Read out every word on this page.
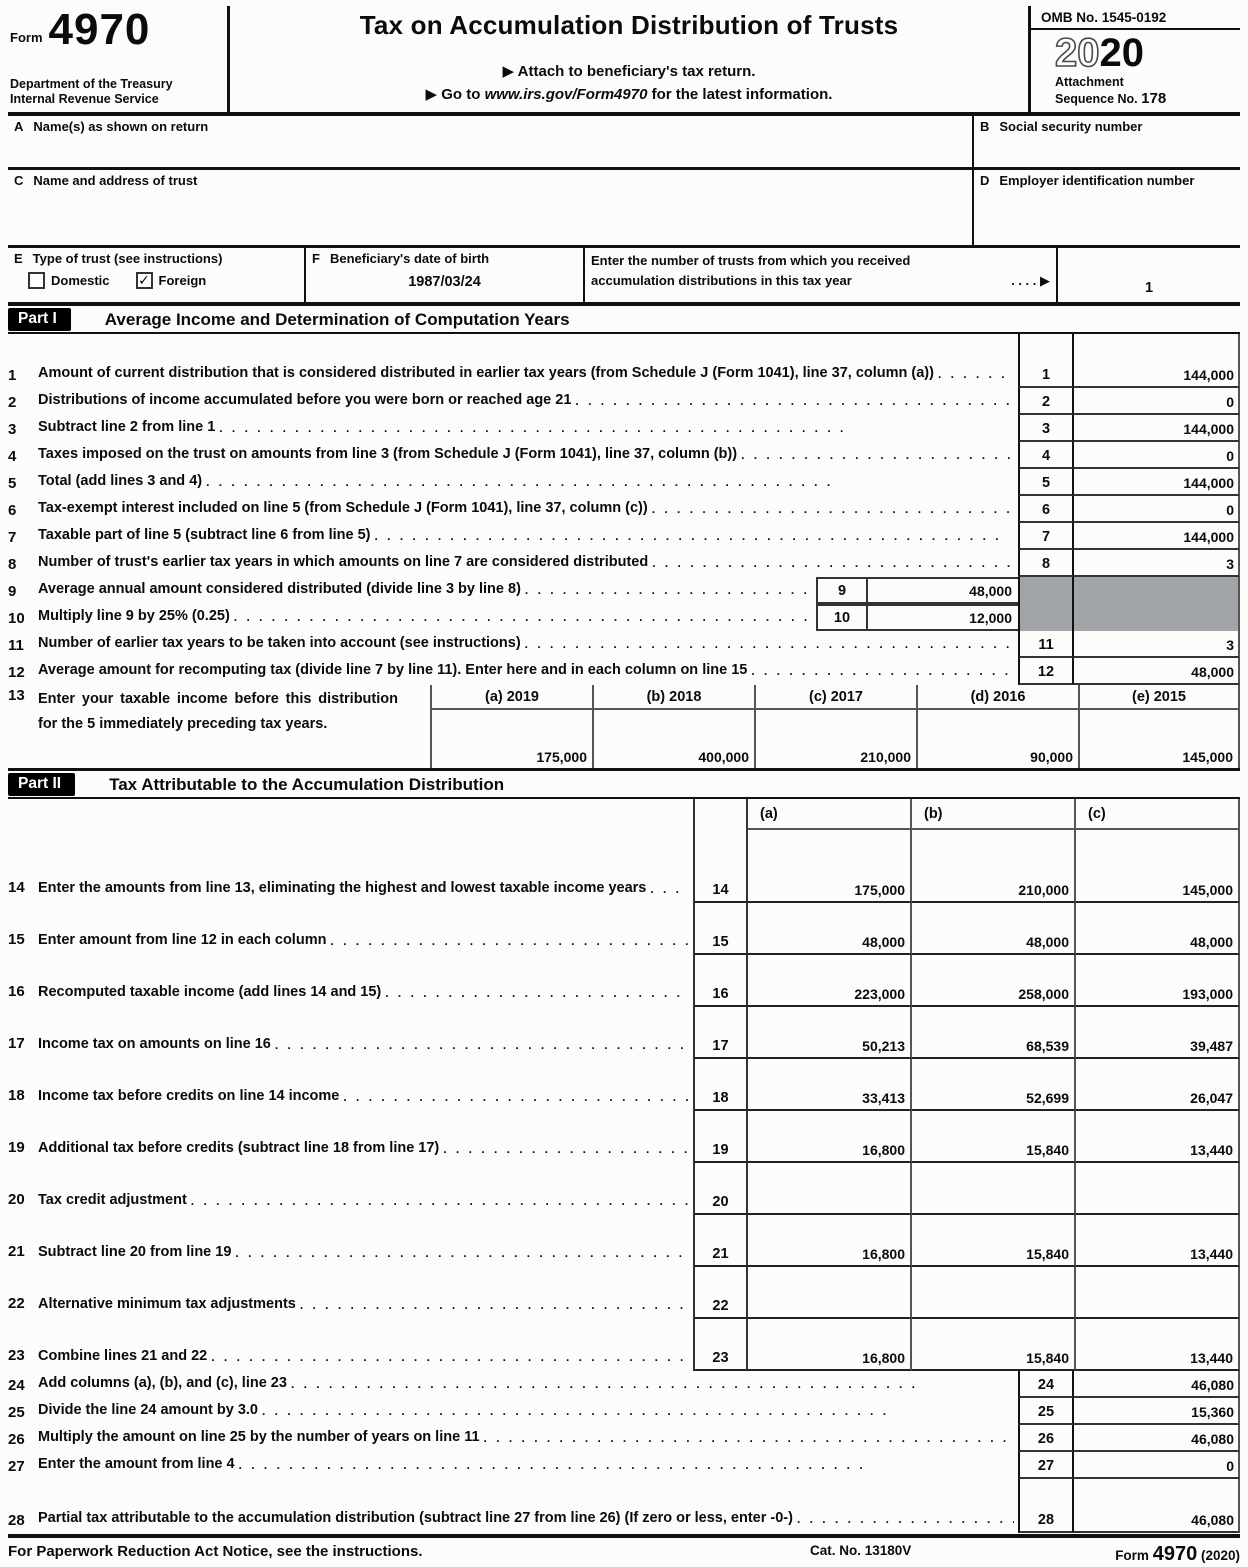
Form 4970
Department of the Treasury
Internal Revenue Service
Tax on Accumulation Distribution of Trusts
▶ Attach to beneficiary's tax return.
▶ Go to www.irs.gov/Form4970 for the latest information.
OMB No. 1545-0192
2020
Attachment
Sequence No. 178
A Name(s) as shown on return	B Social security number
C Name and address of trust	D Employer identification number
E Type of trust (see instructions)
Domestic ✓ Foreign
F Beneficiary's date of birth
1987/03/24
Enter the number of trusts from which you received
accumulation distributions in this tax year	. . . . ▶	1
Part I	Average Income and Determination of Computation Years
1	Amount of current distribution that is considered distributed in earlier tax years (from Schedule J (Form 1041), line 37, column (a)) . .	1	144,000
2	Distributions of income accumulated before you were born or reached age 21 . .	2	0
3	Subtract line 2 from line 1 . .	3	144,000
4	Taxes imposed on the trust on amounts from line 3 (from Schedule J (Form 1041), line 37, column (b)) . .	4	0
5	Total (add lines 3 and 4) . .	5	144,000
6	Tax-exempt interest included on line 5 (from Schedule J (Form 1041), line 37, column (c)) . .	6	0
7	Taxable part of line 5 (subtract line 6 from line 5) . .	7	144,000
8	Number of trust's earlier tax years in which amounts on line 7 are considered distributed . .	8	3
9	Average annual amount considered distributed (divide line 3 by line 8) . .	9	48,000
10 Multiply line 9 by 25% (0.25) . .	10	12,000
11 Number of earlier tax years to be taken into account (see instructions) . .	11	3
12 Average amount for recomputing tax (divide line 7 by line 11). Enter here and in each column on line 15 . .	12	48,000
13 Enter your taxable income before this distribution for the 5 immediately preceding tax years.
(a) 2019
175,000
(b) 2018
400,000
(c) 2017
210,000
(d) 2016
90,000
(e) 2015
145,000
Part II	Tax Attributable to the Accumulation Distribution
(a)	(b)	(c)
14 Enter the amounts from line 13, eliminating the highest and lowest taxable income years . .	14	175,000	210,000	145,000
15 Enter amount from line 12 in each column . .	15	48,000	48,000	48,000
16 Recomputed taxable income (add lines 14 and 15) . .	16	223,000	258,000	193,000
17 Income tax on amounts on line 16 . .	17	50,213	68,539	39,487
18 Income tax before credits on line 14 income . .	18	33,413	52,699	26,047
19 Additional tax before credits (subtract line 18 from line 17) . .	19	16,800	15,840	13,440
20 Tax credit adjustment . .	20
21 Subtract line 20 from line 19 . .	21	16,800	15,840	13,440
22 Alternative minimum tax adjustments . .	22
23 Combine lines 21 and 22 . .	23	16,800	15,840	13,440
24 Add columns (a), (b), and (c), line 23 . .	24	46,080
25 Divide the line 24 amount by 3.0 . .	25	15,360
26 Multiply the amount on line 25 by the number of years on line 11 . .	26	46,080
27 Enter the amount from line 4 . .	27	0
28 Partial tax attributable to the accumulation distribution (subtract line 27 from line 26) (If zero or less, enter -0-) . .	28	46,080
For Paperwork Reduction Act Notice, see the instructions.	Cat. No. 13180V	Form 4970 (2020)
